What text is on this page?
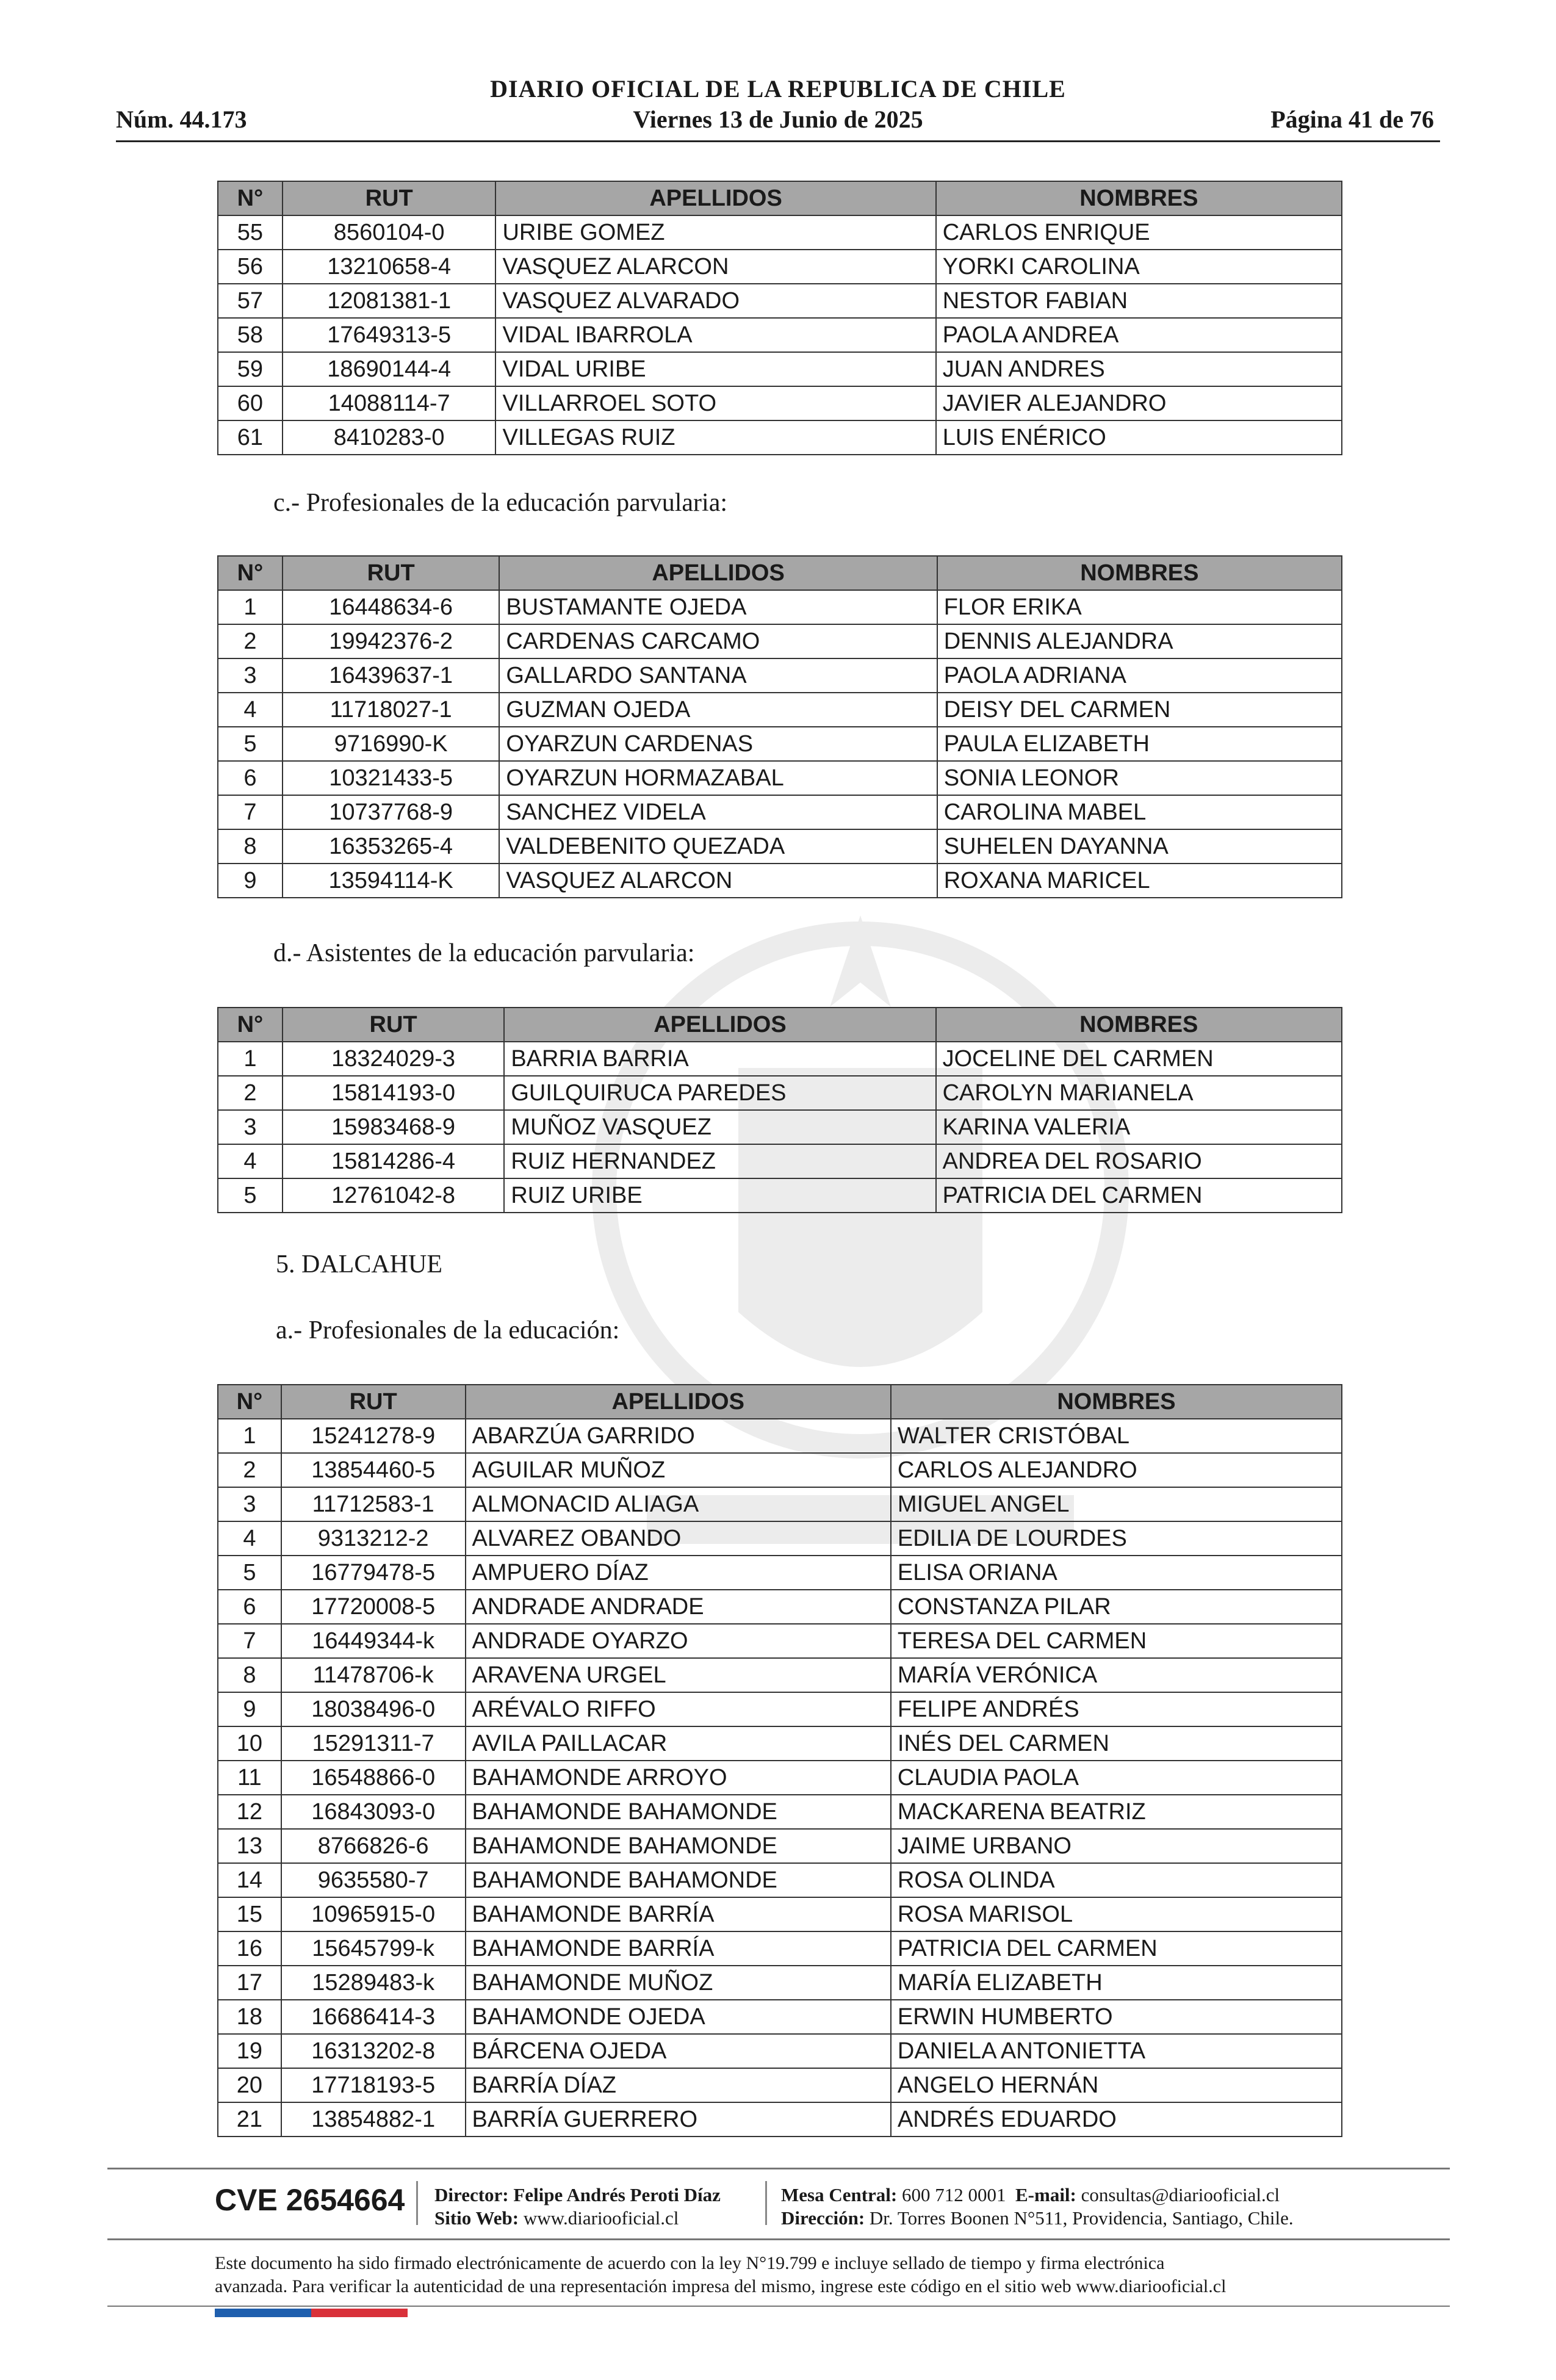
DIARIO OFICIAL DE LA REPUBLICA DE CHILE
Núm. 44.173	Viernes 13 de Junio de 2025	Página 41 de 76
N°	RUT	APELLIDOS	NOMBRES
55	8560104-0	URIBE GOMEZ	CARLOS ENRIQUE
56	13210658-4	VASQUEZ ALARCON	YORKI CAROLINA
57	12081381-1	VASQUEZ ALVARADO	NESTOR FABIAN
58	17649313-5	VIDAL IBARROLA	PAOLA ANDREA
59	18690144-4	VIDAL URIBE	JUAN ANDRES
60	14088114-7	VILLARROEL SOTO	JAVIER ALEJANDRO
61	8410283-0	VILLEGAS RUIZ	LUIS ENÉRICO
c.- Profesionales de la educación parvularia:
N°	RUT	APELLIDOS	NOMBRES
1	16448634-6	BUSTAMANTE OJEDA	FLOR ERIKA
2	19942376-2	CARDENAS CARCAMO	DENNIS ALEJANDRA
3	16439637-1	GALLARDO SANTANA	PAOLA ADRIANA
4	11718027-1	GUZMAN OJEDA	DEISY DEL CARMEN
5	9716990-K	OYARZUN CARDENAS	PAULA ELIZABETH
6	10321433-5	OYARZUN HORMAZABAL	SONIA LEONOR
7	10737768-9	SANCHEZ VIDELA	CAROLINA MABEL
8	16353265-4	VALDEBENITO QUEZADA	SUHELEN DAYANNA
9	13594114-K	VASQUEZ ALARCON	ROXANA MARICEL
d.- Asistentes de la educación parvularia:
N°	RUT	APELLIDOS	NOMBRES
1	18324029-3	BARRIA BARRIA	JOCELINE DEL CARMEN
2	15814193-0	GUILQUIRUCA PAREDES	CAROLYN MARIANELA
3	15983468-9	MUÑOZ VASQUEZ	KARINA VALERIA
4	15814286-4	RUIZ HERNANDEZ	ANDREA DEL ROSARIO
5	12761042-8	RUIZ URIBE	PATRICIA DEL CARMEN
5. DALCAHUE
a.- Profesionales de la educación:
N°	RUT	APELLIDOS	NOMBRES
1	15241278-9	ABARZÚA GARRIDO	WALTER CRISTÓBAL
2	13854460-5	AGUILAR MUÑOZ	CARLOS ALEJANDRO
3	11712583-1	ALMONACID ALIAGA	MIGUEL ANGEL
4	9313212-2	ALVAREZ OBANDO	EDILIA DE LOURDES
5	16779478-5	AMPUERO DÍAZ	ELISA ORIANA
6	17720008-5	ANDRADE ANDRADE	CONSTANZA PILAR
7	16449344-k	ANDRADE OYARZO	TERESA DEL CARMEN
8	11478706-k	ARAVENA URGEL	MARÍA VERÓNICA
9	18038496-0	ARÉVALO RIFFO	FELIPE ANDRÉS
10	15291311-7	AVILA PAILLACAR	INÉS DEL CARMEN
11	16548866-0	BAHAMONDE ARROYO	CLAUDIA PAOLA
12	16843093-0	BAHAMONDE BAHAMONDE	MACKARENA BEATRIZ
13	8766826-6	BAHAMONDE BAHAMONDE	JAIME URBANO
14	9635580-7	BAHAMONDE BAHAMONDE	ROSA OLINDA
15	10965915-0	BAHAMONDE BARRÍA	ROSA MARISOL
16	15645799-k	BAHAMONDE BARRÍA	PATRICIA DEL CARMEN
17	15289483-k	BAHAMONDE MUÑOZ	MARÍA ELIZABETH
18	16686414-3	BAHAMONDE OJEDA	ERWIN HUMBERTO
19	16313202-8	BÁRCENA OJEDA	DANIELA ANTONIETTA
20	17718193-5	BARRÍA DÍAZ	ANGELO HERNÁN
21	13854882-1	BARRÍA GUERRERO	ANDRÉS EDUARDO
CVE 2654664 Director: Felipe Andrés Peroti Díaz
Sitio Web: www.diariooficial.cl
Mesa Central: 600 712 0001 E-mail: consultas@diariooficial.cl
Dirección: Dr. Torres Boonen N°511, Providencia, Santiago, Chile.
Este documento ha sido firmado electrónicamente de acuerdo con la ley N°19.799 e incluye sellado de tiempo y firma electrónica
avanzada. Para verificar la autenticidad de una representación impresa del mismo, ingrese este código en el sitio web www.diariooficial.cl
